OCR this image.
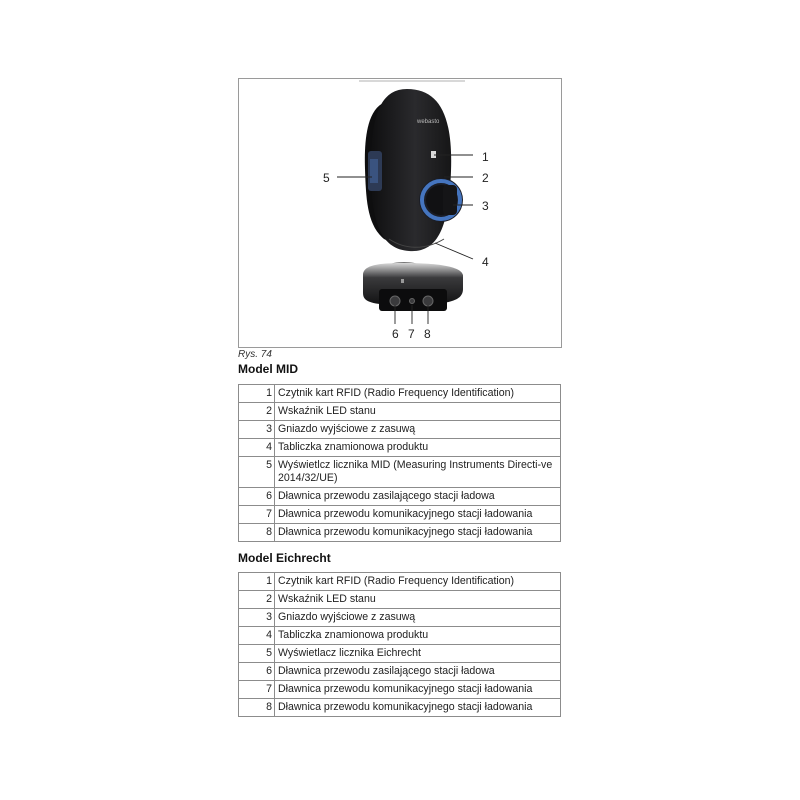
webasto
1
2
3
4
5
6 7 8
Rys. 74
Model MID
1	Czytnik kart RFID (Radio Frequency Identification)
2	Wskaźnik LED stanu
3	Gniazdo wyjściowe z zasuwą
4	Tabliczka znamionowa produktu
5	Wyświetlcz licznika MID (Measuring Instruments Directi-ve 2014/32/UE)
6	Dławnica przewodu zasilającego stacji ładowa
7	Dławnica przewodu komunikacyjnego stacji ładowania
8	Dławnica przewodu komunikacyjnego stacji ładowania
Model Eichrecht
1	Czytnik kart RFID (Radio Frequency Identification)
2	Wskaźnik LED stanu
3	Gniazdo wyjściowe z zasuwą
4	Tabliczka znamionowa produktu
5	Wyświetlacz licznika Eichrecht
6	Dławnica przewodu zasilającego stacji ładowa
7	Dławnica przewodu komunikacyjnego stacji ładowania
8	Dławnica przewodu komunikacyjnego stacji ładowania
